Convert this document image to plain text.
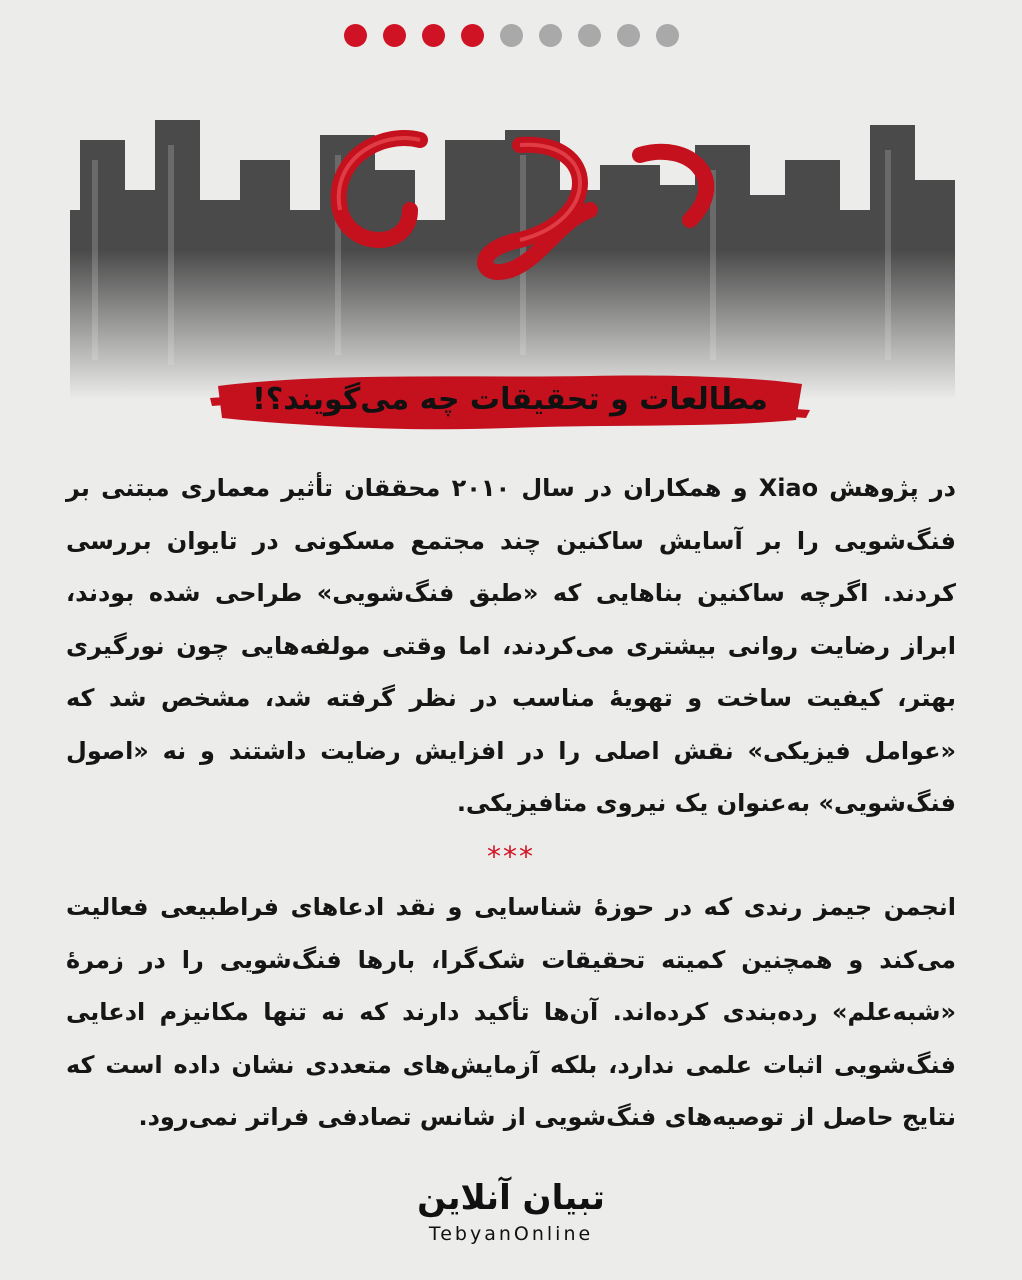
مطالعات و تحقیقات چه می‌گویند؟!
در پژوهش Xiao و همکاران در سال ۲۰۱۰ محققان تأثیر معماری مبتنی بر فنگ‌شویی را بر آسایش ساکنین چند مجتمع مسکونی در تایوان بررسی کردند. اگرچه ساکنین بناهایی که «طبق فنگ‌شویی» طراحی شده بودند، ابراز رضایت روانی بیشتری می‌کردند، اما وقتی مولفه‌هایی چون نورگیری بهتر، کیفیت ساخت و تهویهٔ مناسب در نظر گرفته شد، مشخص شد که «عوامل فیزیکی» نقش اصلی را در افزایش رضایت داشتند و نه «اصول فنگ‌شویی» به‌عنوان یک نیروی متافیزیکی.
***
انجمن جیمز رندی که در حوزهٔ شناسایی و نقد ادعاهای فراطبیعی فعالیت می‌کند و همچنین کمیته تحقیقات شک‌گرا، بارها فنگ‌شویی را در زمرهٔ «شبه‌علم» رده‌بندی کرده‌اند. آن‌ها تأکید دارند که نه تنها مکانیزم ادعایی فنگ‌شویی اثبات علمی ندارد، بلکه آزمایش‌های متعددی نشان داده است که نتایج حاصل از توصیه‌های فنگ‌شویی از شانس تصادفی فراتر نمی‌رود.
تبیان آنلاین
TebyanOnline
